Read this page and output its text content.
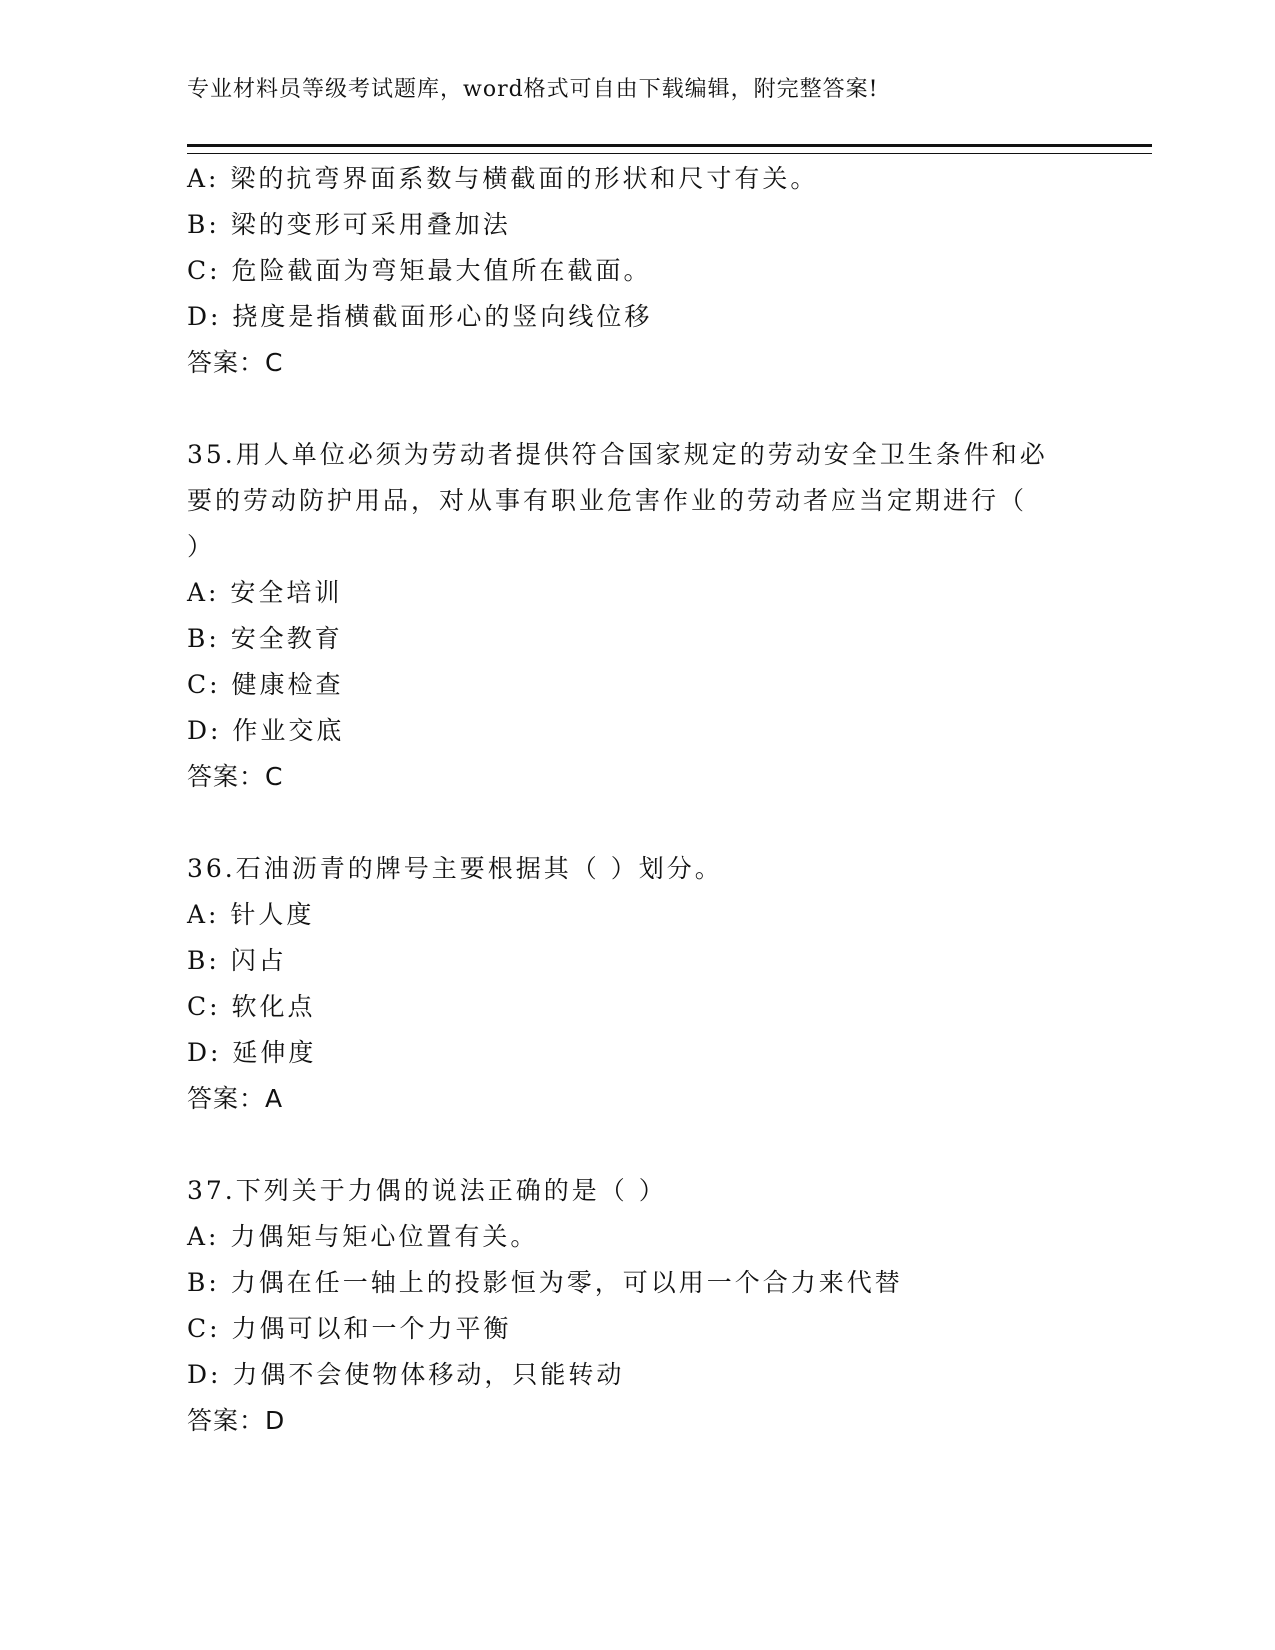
专业材料员等级考试题库，word格式可自由下载编辑，附完整答案!
A: 梁的抗弯界面系数与横截面的形状和尺寸有关。
B: 梁的变形可采用叠加法
C: 危险截面为弯矩最大值所在截面。
D: 挠度是指横截面形心的竖向线位移
答案：C
35.用人单位必须为劳动者提供符合国家规定的劳动安全卫生条件和必
要的劳动防护用品，对从事有职业危害作业的劳动者应当定期进行（
）
A: 安全培训
B: 安全教育
C: 健康检查
D: 作业交底
答案：C
36.石油沥青的牌号主要根据其（ ）划分。
A: 针人度
B: 闪占
C: 软化点
D: 延伸度
答案：A
37.下列关于力偶的说法正确的是（ ）
A: 力偶矩与矩心位置有关。
B: 力偶在任一轴上的投影恒为零，可以用一个合力来代替
C: 力偶可以和一个力平衡
D: 力偶不会使物体移动，只能转动
答案：D
